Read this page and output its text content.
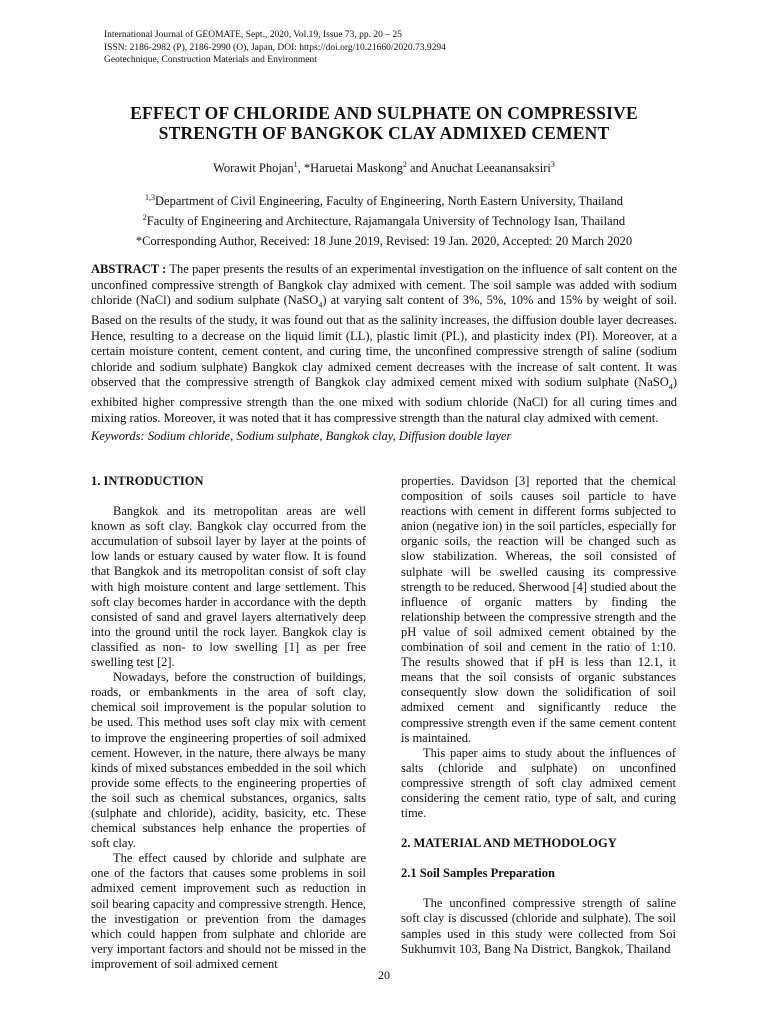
International Journal of GEOMATE, Sept., 2020, Vol.19, Issue 73, pp. 20 – 25
ISSN: 2186-2982 (P), 2186-2990 (O), Japan, DOI: https://doi.org/10.21660/2020.73.9294
Geotechnique, Construction Materials and Environment
EFFECT OF CHLORIDE AND SULPHATE ON COMPRESSIVE
STRENGTH OF BANGKOK CLAY ADMIXED CEMENT
Worawit Phojan$^1$, *Haruetai Maskong$^2$ and Anuchat Leeanansaksiri$^3$
$^{1,3}$Department of Civil Engineering, Faculty of Engineering, North Eastern University, Thailand
$^2$Faculty of Engineering and Architecture, Rajamangala University of Technology Isan, Thailand
*Corresponding Author, Received: 18 June 2019, Revised: 19 Jan. 2020, Accepted: 20 March 2020
ABSTRACT : The paper presents the results of an experimental investigation on the influence of salt content on the unconfined compressive strength of Bangkok clay admixed with cement. The soil sample was added with sodium chloride (NaCl) and sodium sulphate (NaSO$_4$) at varying salt content of 3%, 5%, 10% and 15% by weight of soil. Based on the results of the study, it was found out that as the salinity increases, the diffusion double layer decreases. Hence, resulting to a decrease on the liquid limit (LL), plastic limit (PL), and plasticity index (PI). Moreover, at a certain moisture content, cement content, and curing time, the unconfined compressive strength of saline (sodium chloride and sodium sulphate) Bangkok clay admixed cement decreases with the increase of salt content. It was observed that the compressive strength of Bangkok clay admixed cement mixed with sodium sulphate (NaSO$_4$) exhibited higher compressive strength than the one mixed with sodium chloride (NaCl) for all curing times and mixing ratios. Moreover, it was noted that it has compressive strength than the natural clay admixed with cement.
Keywords: Sodium chloride, Sodium sulphate, Bangkok clay, Diffusion double layer
1. INTRODUCTION

Bangkok and its metropolitan areas are well known as soft clay. Bangkok clay occurred from the accumulation of subsoil layer by layer at the points of low lands or estuary caused by water flow. It is found that Bangkok and its metropolitan consist of soft clay with high moisture content and large settlement. This soft clay becomes harder in accordance with the depth consisted of sand and gravel layers alternatively deep into the ground until the rock layer. Bangkok clay is classified as non- to low swelling [1] as per free swelling test [2].

Nowadays, before the construction of buildings, roads, or embankments in the area of soft clay, chemical soil improvement is the popular solution to be used. This method uses soft clay mix with cement to improve the engineering properties of soil admixed cement. However, in the nature, there always be many kinds of mixed substances embedded in the soil which provide some effects to the engineering properties of the soil such as chemical substances, organics, salts (sulphate and chloride), acidity, basicity, etc. These chemical substances help enhance the properties of soft clay.

The effect caused by chloride and sulphate are one of the factors that causes some problems in soil admixed cement improvement such as reduction in soil bearing capacity and compressive strength. Hence, the investigation or prevention from the damages which could happen from sulphate and chloride are very important factors and should not be missed in the improvement of soil admixed cement

properties. Davidson [3] reported that the chemical composition of soils causes soil particle to have reactions with cement in different forms subjected to anion (negative ion) in the soil particles, especially for organic soils, the reaction will be changed such as slow stabilization. Whereas, the soil consisted of sulphate will be swelled causing its compressive strength to be reduced. Sherwood [4] studied about the influence of organic matters by finding the relationship between the compressive strength and the pH value of soil admixed cement obtained by the combination of soil and cement in the ratio of 1:10. The results showed that if pH is less than 12.1, it means that the soil consists of organic substances consequently slow down the solidification of soil admixed cement and significantly reduce the compressive strength even if the same cement content is maintained.

This paper aims to study about the influences of salts (chloride and sulphate) on unconfined compressive strength of soft clay admixed cement considering the cement ratio, type of salt, and curing time.

2. MATERIAL AND METHODOLOGY
2.1 Soil Samples Preparation

The unconfined compressive strength of saline soft clay is discussed (chloride and sulphate). The soil samples used in this study were collected from Soi Sukhumvit 103, Bang Na District, Bangkok, Thailand

20
